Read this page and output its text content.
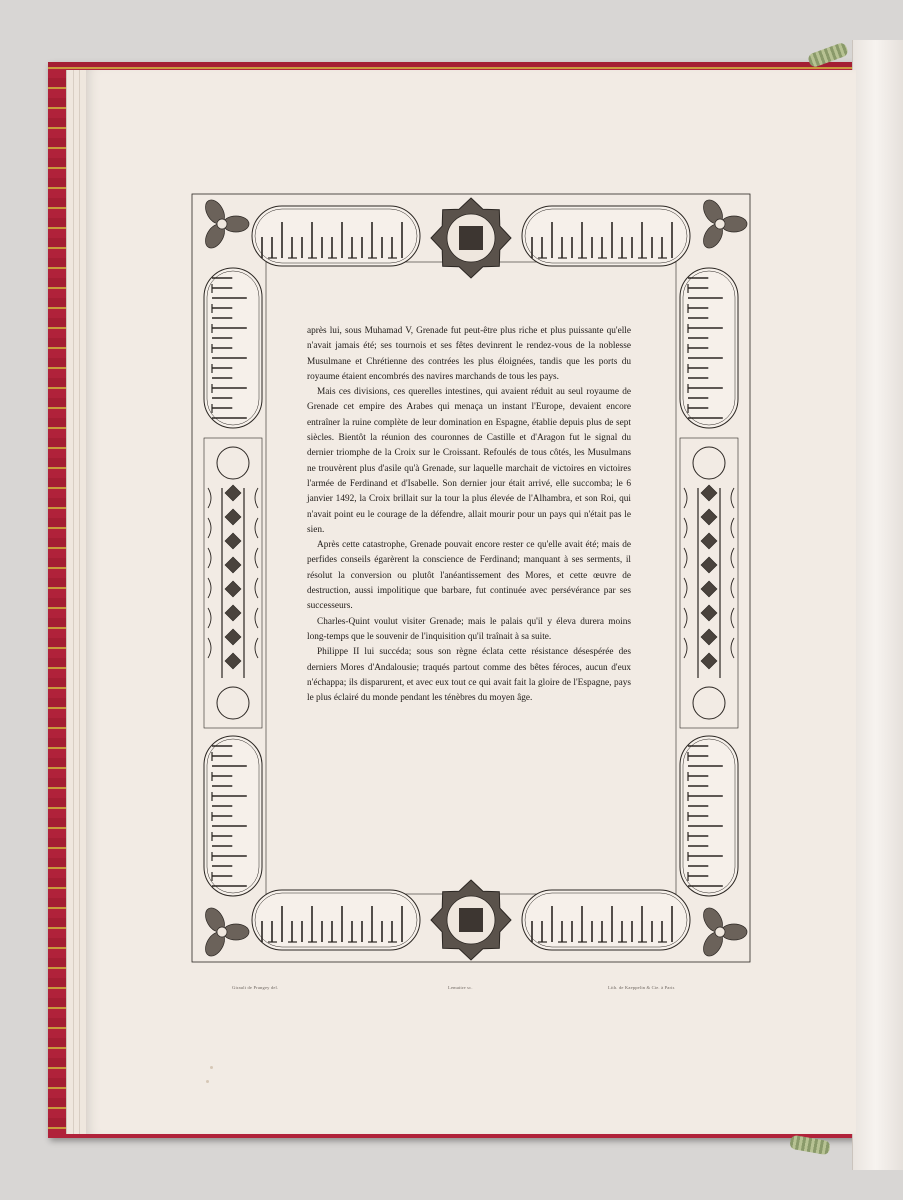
après lui, sous Muhamad V, Grenade fut peut-être plus riche et plus puissante qu'elle n'avait jamais été; ses tournois et ses fêtes devinrent le rendez-vous de la noblesse Musulmane et Chrétienne des contrées les plus éloignées, tandis que les ports du royaume étaient encombrés des navires marchands de tous les pays.

Mais ces divisions, ces querelles intestines, qui avaient réduit au seul royaume de Grenade cet empire des Arabes qui menaça un instant l'Europe, devaient encore entraîner la ruine complète de leur domination en Espagne, établie depuis plus de sept siècles. Bientôt la réunion des couronnes de Castille et d'Aragon fut le signal du dernier triomphe de la Croix sur le Croissant. Refoulés de tous côtés, les Musulmans ne trouvèrent plus d'asile qu'à Grenade, sur laquelle marchait de victoires en victoires l'armée de Ferdinand et d'Isabelle. Son dernier jour était arrivé, elle succomba; le 6 janvier 1492, la Croix brillait sur la tour la plus élevée de l'Alhambra, et son Roi, qui n'avait point eu le courage de la défendre, allait mourir pour un pays qui n'était pas le sien.

Après cette catastrophe, Grenade pouvait encore rester ce qu'elle avait été; mais de perfides conseils égarèrent la conscience de Ferdinand; manquant à ses serments, il résolut la conversion ou plutôt l'anéantissement des Mores, et cette œuvre de destruction, aussi impolitique que barbare, fut continuée avec persévérance par ses successeurs.

Charles-Quint voulut visiter Grenade; mais le palais qu'il y éleva durera moins long-temps que le souvenir de l'inquisition qu'il traînait à sa suite.

Philippe II lui succéda; sous son règne éclata cette résistance désespérée des derniers Mores d'Andalousie; traqués partout comme des bêtes féroces, aucun d'eux n'échappa; ils disparurent, et avec eux tout ce qui avait fait la gloire de l'Espagne, pays le plus éclairé du monde pendant les ténèbres du moyen âge.

Girault de Prangey del.	Lemaitre sc.	Lith. de Kaeppelin & Cie. à Paris
